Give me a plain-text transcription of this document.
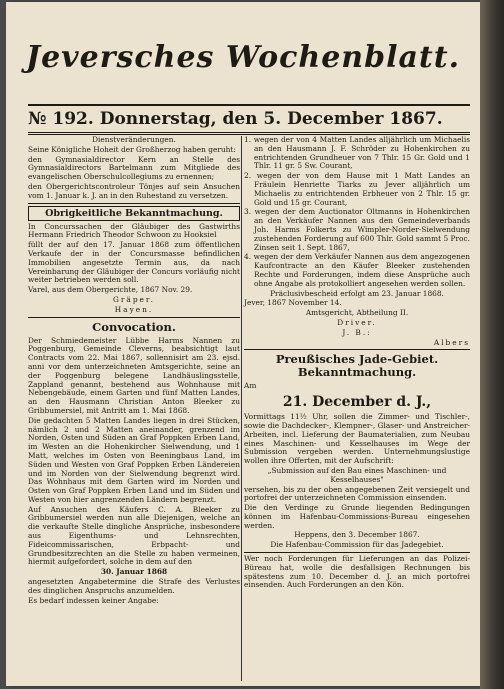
Jeversches Wochenblatt.
№ 192. Donnerstag, den 5. December 1867.

Dienstveränderungen.

Seine Königliche Hoheit der Großherzog haben geruht:

den Gymnasialdirector Kern an Stelle des Gymnasialdirectors Bartelmann zum Mitgliede des evangelischen Oberschulcollegiums zu ernennen;

den Obergerichtscontroleur Tönjes auf sein Ansuchen vom 1. Januar k. J. an in den Ruhestand zu versetzen.

Obrigkeitliche Bekanntmachung.

In Concurssachen der Gläubiger des Gastwirths Hermann Friedrich Theodor Schwoon zu Hooksiel

füllt der auf den 17. Januar 1868 zum öffentlichen Verkaufe der in der Concursmasse befindlichen Immobilien angesetzte Termin aus, da nach Vereinbarung der Gläubiger der Concurs vorläufig nicht weiter betrieben werden soll.

Varel, aus dem Obergerichte, 1867 Nov. 29.

Gräper.

Hayen.

Convocation.

Der Schmiedemeister Lübbe Harms Nannen zu Poggenburg, Gemeinde Cleverns, beabsichtigt laut Contracts vom 22. Mai 1867, sollennisirt am 23. ejsd. anni vor dem unterzeichneten Amtsgerichte, seine an der Poggenburg belegene Landhäuslingsstelle, Zappland genannt, bestehend aus Wohnhause mit Nebengebäude, einem Garten und fünf Matten Landes, an den Hausmann Christian Anton Bleeker zu Gribbumersiel, mit Antritt am 1. Mai 1868.

Die gedachten 5 Matten Landes liegen in drei Stücken, nämlich 2 und 2 Matten aneinander, grenzend im Norden, Osten und Süden an Graf Poppken Erben Land, im Westen an die Hohenkircher Sielwendung, und 1 Matt, welches im Osten von Beeningbaus Land, im Süden und Westen von Graf Poppken Erben Ländereien und im Norden von der Sielwendung begrenzt wird. Das Wohnhaus mit dem Garten wird im Norden und Osten von Graf Poppken Erben Land und im Süden und Westen von hier angrenzenden Ländern begrenzt.

Auf Ansuchen des Käufers C. A. Bleeker zu Gribbumersiel werden nun alle Diejenigen, welche an die verkaufte Stelle dingliche Ansprüche, insbesondere aus Eigenthums- und Lehnsrechten, Fideicommissarischen, Erbpacht- und Grundbesitzrechten an die Stelle zu haben vermeinen, hiermit aufgefordert, solche in dem auf den

30. Januar 1868

angesetzten Angabetermine die Strafe des Verlustes des dinglichen Anspruchs anzumelden.

Es bedarf indessen keiner Angabe:

1. wegen der von 4 Matten Landes alljährlich um Michaelis an den Hausmann J. F. Schröder zu Hohenkirchen zu entrichtenden Grundheuer von 7 Thlr. 15 Gr. Gold und 1 Thlr. 11 gr. 5 Sw. Courant,

2. wegen der von dem Hause mit 1 Matt Landes an Fräulein Henriette Tiarks zu Jever alljährlich um Michaelis zu entrichtenden Erbheuer von 2 Thlr. 15 gr. Gold und 15 gr. Courant,

3. wegen der dem Auctionator Oltmanns in Hohenkirchen an den Verkäufer Nannen aus den Gemeindeverbands Joh. Harms Folkerts zu Wimpler-Norder-Sielwendung zustehenden Forderung auf 600 Thlr. Gold sammt 5 Proc. Zinsen seit 1. Sept. 1867,

4. wegen der dem Verkäufer Nannen aus dem angezogenen Kaufcontracte an den Käufer Bleeker zustehenden Rechte und Forderungen, indem diese Ansprüche auch ohne Angabe als protokolliert angesehen werden sollen.

Präclusivbescheid erfolgt am 23. Januar 1868.

Jever, 1867 November 14.

Amtsgericht, Abtheilung II.

Driver.

J. B.:

Albers

Preußisches Jade-Gebiet. Bekanntmachung.

Am

21. December d. J.,

Vormittags 11½ Uhr, sollen die Zimmer- und Tischler-, sowie die Dachdecker-, Klempner-, Glaser- und Anstreicher-Arbeiten, incl. Lieferung der Baumaterialien, zum Neubau eines Maschinen- und Kesselhauses im Wege der Submission vergeben werden. Unternehmungslustige wollen ihre Offerten, mit der Aufschrift:

„Submission auf den Bau eines Maschinen- und Kesselhauses"

versehen, bis zu der oben angegebenen Zeit versiegelt und portofrei der unterzeichneten Commission einsenden.

Die den Verdinge zu Grunde liegenden Bedingungen können im Hafenbau-Commissions-Bureau eingesehen werden.

Heppens, den 3. December 1867.

Die Hafenbau-Commission für das Jadegebiet.

Wer noch Forderungen für Lieferungen an das Polizei-Büreau hat, wolle die desfallsigen Rechnungen bis spätestens zum 10. December d. J. an mich portofrei einsenden. Auch Forderungen an den Kön.
